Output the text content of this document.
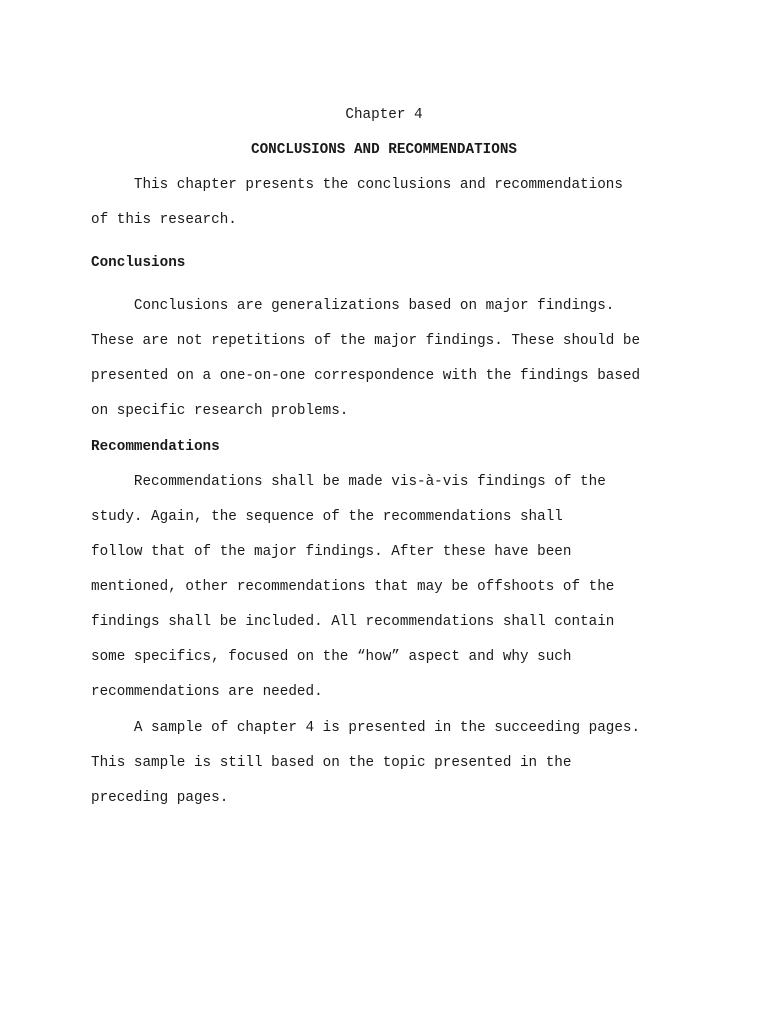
Chapter 4
CONCLUSIONS AND RECOMMENDATIONS
This chapter presents the conclusions and recommendations
of this research.
Conclusions
Conclusions are generalizations based on major findings.
These are not repetitions of the major findings. These should be
presented on a one-on-one correspondence with the findings based
on specific research problems.
Recommendations
Recommendations shall be made vis-à-vis findings of the
study. Again, the sequence of the recommendations shall
follow that of the major findings. After these have been
mentioned, other recommendations that may be offshoots of the
findings shall be included. All recommendations shall contain
some specifics, focused on the “how” aspect and why such
recommendations are needed.
A sample of chapter 4 is presented in the succeeding pages.
This sample is still based on the topic presented in the
preceding pages.
